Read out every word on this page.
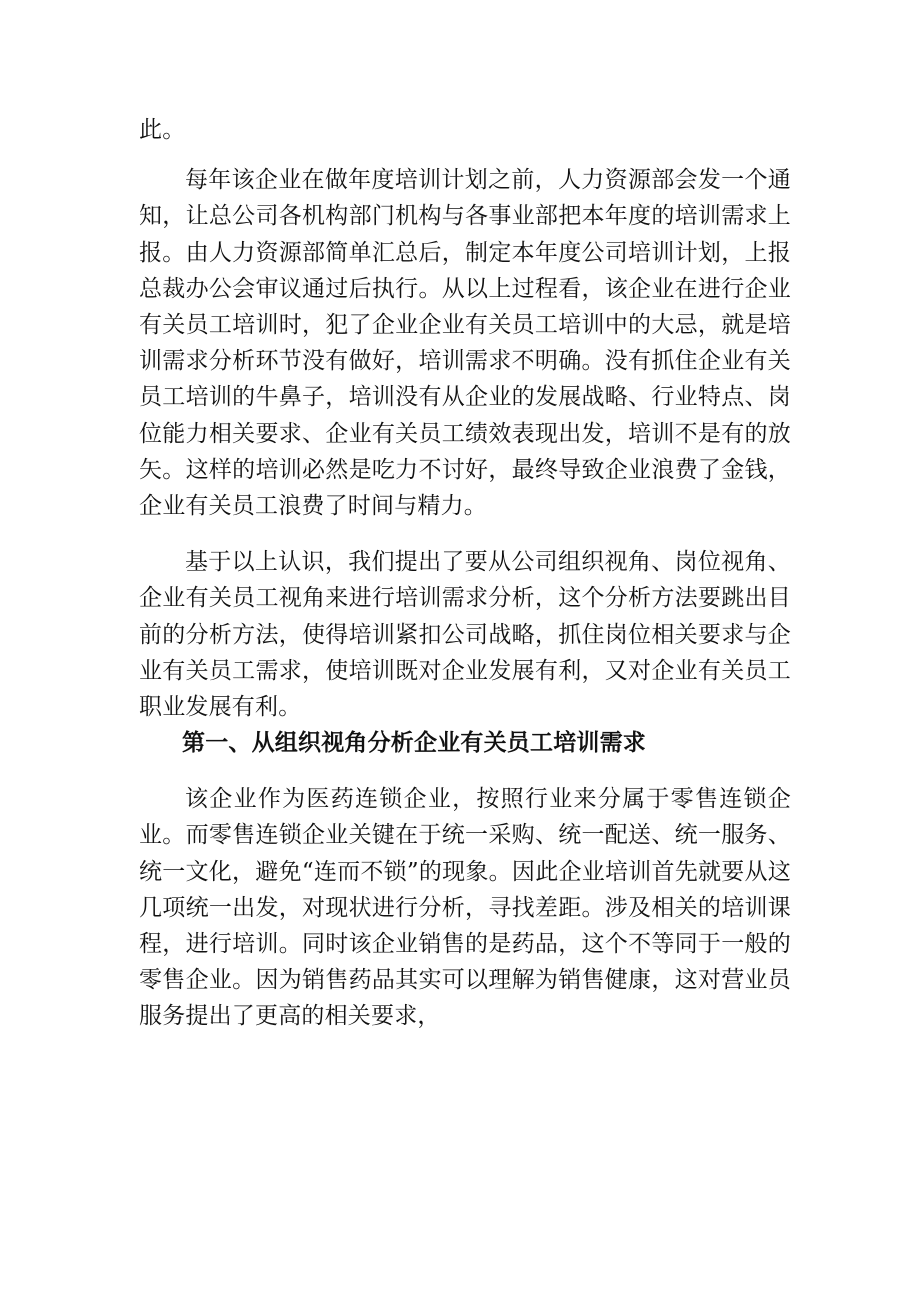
此。

每年该企业在做年度培训计划之前，人力资源部会发一个通知，让总公司各机构部门机构与各事业部把本年度的培训需求上报。由人力资源部简单汇总后，制定本年度公司培训计划，上报总裁办公会审议通过后执行。从以上过程看，该企业在进行企业有关员工培训时，犯了企业企业有关员工培训中的大忌，就是培训需求分析环节没有做好，培训需求不明确。没有抓住企业有关员工培训的牛鼻子，培训没有从企业的发展战略、行业特点、岗位能力相关要求、企业有关员工绩效表现出发，培训不是有的放矢。这样的培训必然是吃力不讨好，最终导致企业浪费了金钱，企业有关员工浪费了时间与精力。

基于以上认识，我们提出了要从公司组织视角、岗位视角、企业有关员工视角来进行培训需求分析，这个分析方法要跳出目前的分析方法，使得培训紧扣公司战略，抓住岗位相关要求与企业有关员工需求，使培训既对企业发展有利，又对企业有关员工职业发展有利。

第一、从组织视角分析企业有关员工培训需求

该企业作为医药连锁企业，按照行业来分属于零售连锁企业。而零售连锁企业关键在于统一采购、统一配送、统一服务、统一文化，避免“连而不锁”的现象。因此企业培训首先就要从这几项统一出发，对现状进行分析，寻找差距。涉及相关的培训课程，进行培训。同时该企业销售的是药品，这个不等同于一般的零售企业。因为销售药品其实可以理解为销售健康，这对营业员服务提出了更高的相关要求，
